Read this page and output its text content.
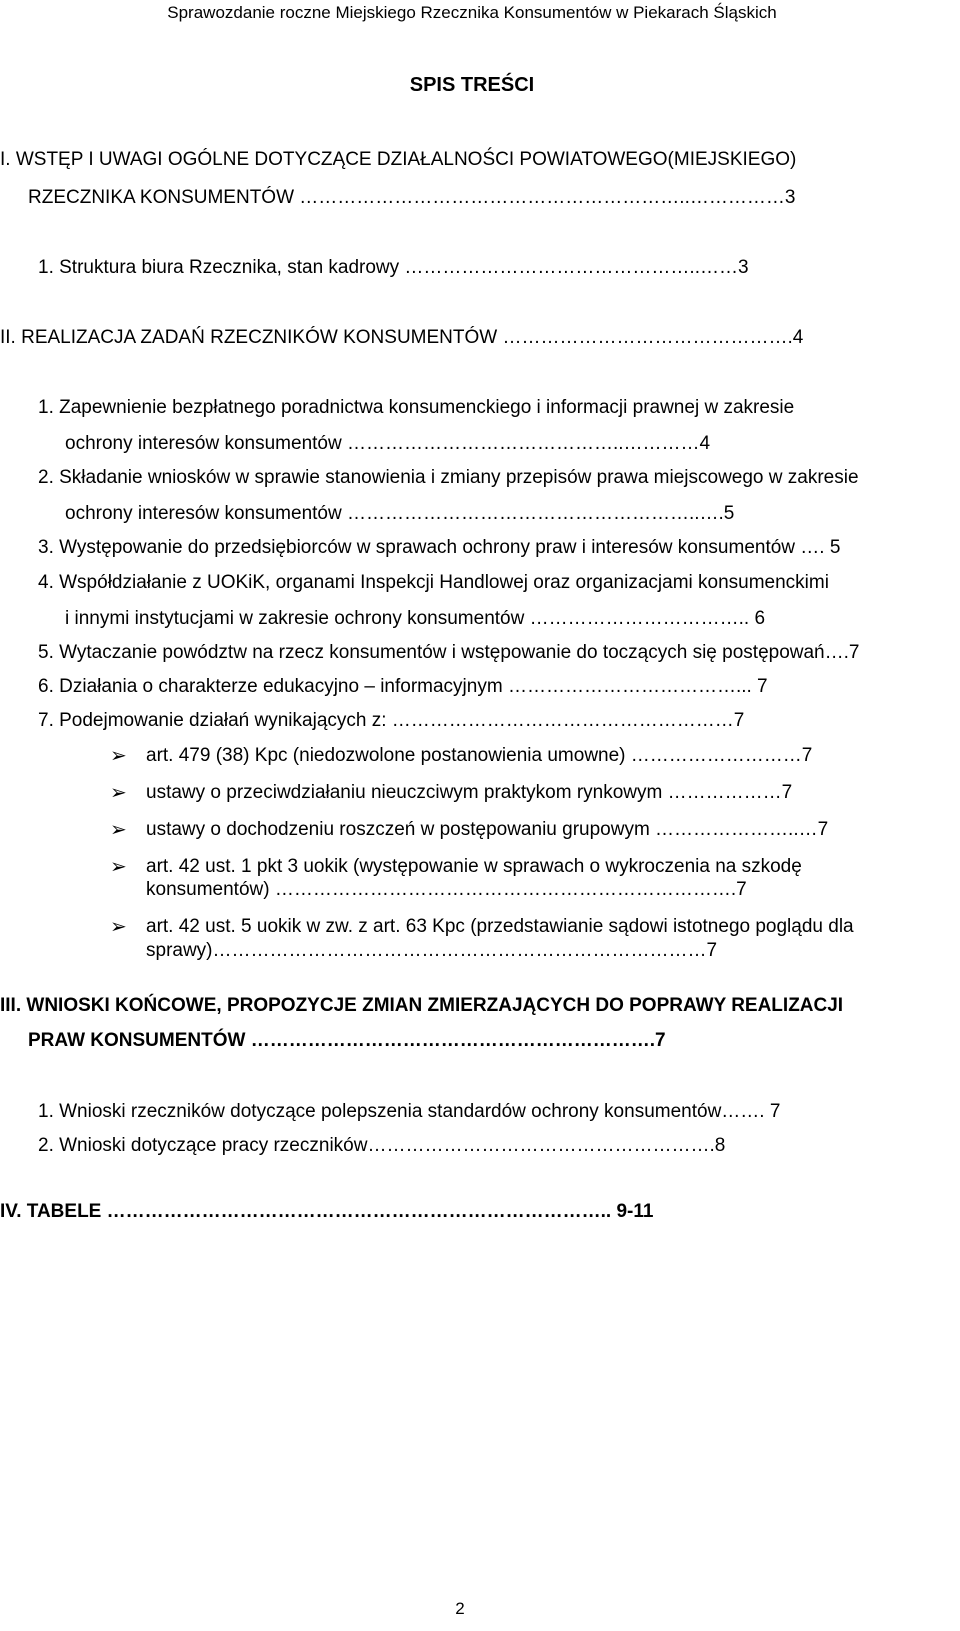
Sprawozdanie roczne Miejskiego Rzecznika Konsumentów w Piekarach Śląskich
SPIS TREŚCI
I. WSTĘP I UWAGI OGÓLNE DOTYCZĄCE DZIAŁALNOŚCI POWIATOWEGO(MIEJSKIEGO)
RZECZNIKA KONSUMENTÓW ……………………………………………………..……………3
1. Struktura biura Rzecznika, stan kadrowy ………………………………………..……3
II. REALIZACJA ZADAŃ RZECZNIKÓW KONSUMENTÓW ……………………………………….4
1. Zapewnienie bezpłatnego poradnictwa konsumenckiego i informacji prawnej w zakresie
ochrony interesów konsumentów ……………………………………..…………4
2. Składanie wniosków w sprawie stanowienia i zmiany przepisów prawa miejscowego w zakresie
ochrony interesów konsumentów ………………………………………………..….5
3. Występowanie do przedsiębiorców w sprawach ochrony praw i interesów konsumentów …. 5
4. Współdziałanie z UOKiK, organami Inspekcji Handlowej oraz organizacjami konsumenckimi
i innymi instytucjami w zakresie ochrony konsumentów …………………………….. 6
5. Wytaczanie powództw na rzecz konsumentów i wstępowanie do toczących się postępowań….7
6. Działania o charakterze edukacyjno – informacyjnym ………………………………... 7
7. Podejmowanie działań wynikających z: ………………………………………………7
➢ art. 479 (38) Kpc (niedozwolone postanowienia umowne) ………………………7
➢ ustawy o przeciwdziałaniu nieuczciwym praktykom rynkowym ………………7
➢ ustawy o dochodzeniu roszczeń w postępowaniu grupowym …………………..…7
➢ art. 42 ust. 1 pkt 3 uokik (występowanie w sprawach o wykroczenia na szkodę
konsumentów) ……………………………………………………………….7
➢ art. 42 ust. 5 uokik w zw. z art. 63 Kpc (przedstawianie sądowi istotnego poglądu dla
sprawy)……………………………………………………………………7
III. WNIOSKI KOŃCOWE, PROPOZYCJE ZMIAN ZMIERZAJĄCYCH DO POPRAWY REALIZACJI
PRAW KONSUMENTÓW ……………………………………………………….7
1. Wnioski rzeczników dotyczące polepszenia standardów ochrony konsumentów……. 7
2. Wnioski dotyczące pracy rzeczników……………………………………………….8
IV. TABELE …………………………………………………………………….. 9-11
2
